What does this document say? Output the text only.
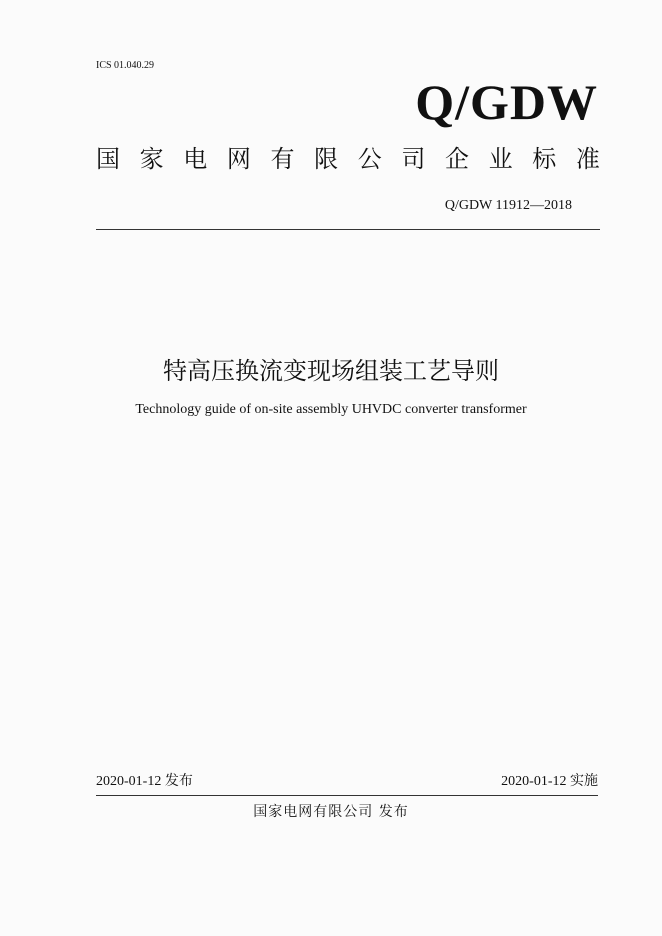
ICS 01.040.29
Q/GDW
国 家 电 网 有 限 公 司 企 业 标 准
Q/GDW 11912—2018
特高压换流变现场组装工艺导则
Technology guide of on-site assembly UHVDC converter transformer
2020-01-12 发布	2020-01-12 实施
国家电网有限公司 发布
